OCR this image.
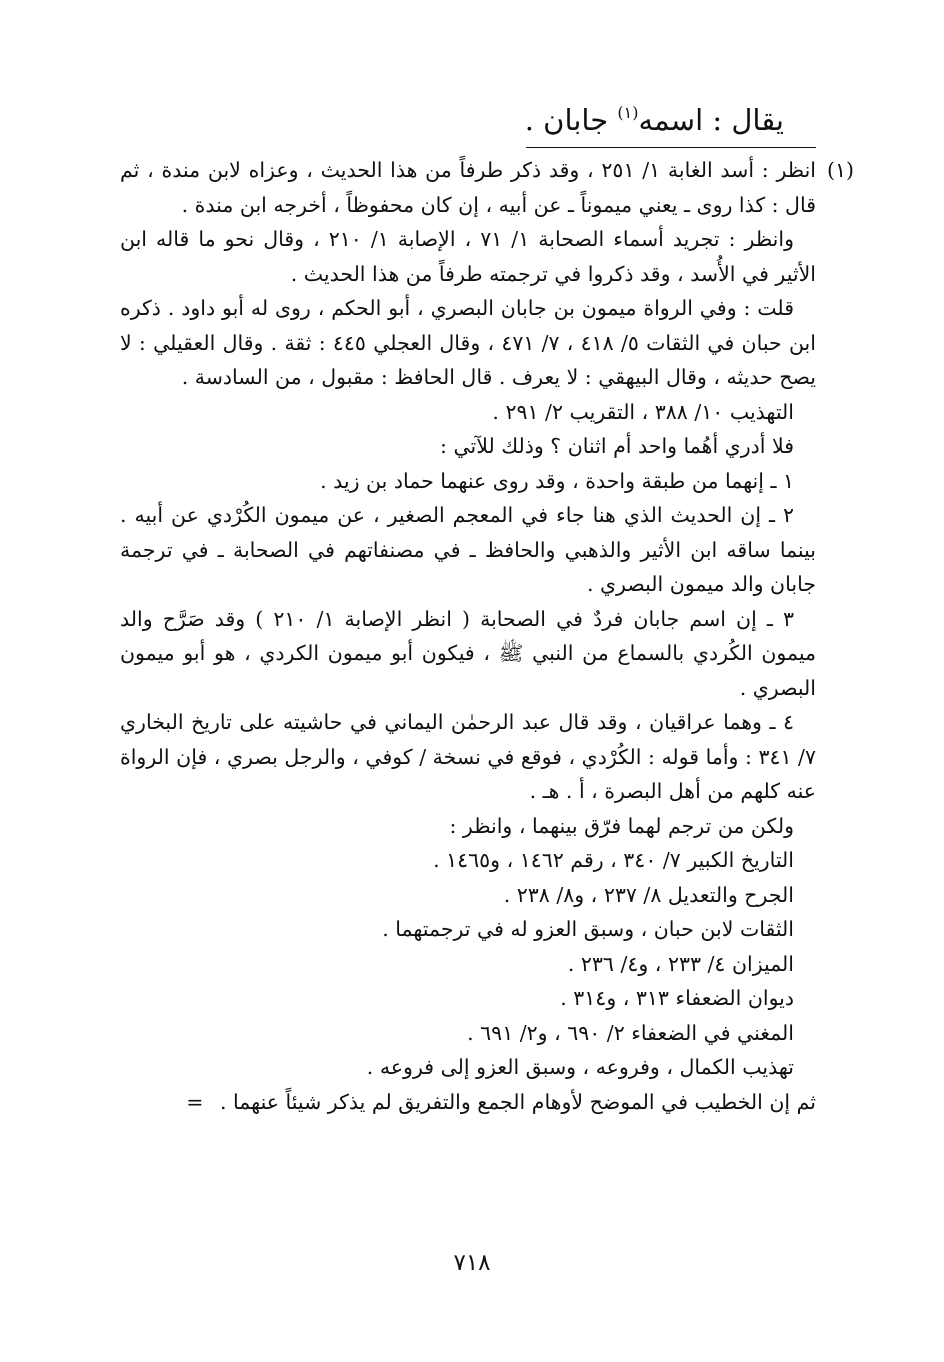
يقال : اسمه$^{(١)}$ جابان .
(١)

انظر : أسد الغابة ١/ ٢٥١ ، وقد ذكر طرفاً من هذا الحديث ، وعزاه لابن مندة ، ثم قال : كذا روى ـ يعني ميموناً ـ عن أبيه ، إن كان محفوظاً ، أخرجه ابن مندة .

وانظر : تجريد أسماء الصحابة ١/ ٧١ ، الإصابة ١/ ٢١٠ ، وقال نحو ما قاله ابن الأثير في الأُسد ، وقد ذكروا في ترجمته طرفاً من هذا الحديث .

قلت : وفي الرواة ميمون بن جابان البصري ، أبو الحكم ، روى له أبو داود . ذكره ابن حبان في الثقات ٥/ ٤١٨ ، ٧/ ٤٧١ ، وقال العجلي ٤٤٥ : ثقة . وقال العقيلي : لا يصح حديثه ، وقال البيهقي : لا يعرف . قال الحافظ : مقبول ، من السادسة .

التهذيب ١٠/ ٣٨٨ ، التقريب ٢/ ٢٩١ .

فلا أدري أهُما واحد أم اثنان ؟ وذلك للآتي :

١ ـ إنهما من طبقة واحدة ، وقد روى عنهما حماد بن زيد .

٢ ـ إن الحديث الذي هنا جاء في المعجم الصغير ، عن ميمون الكُرْدي عن أبيه . بينما ساقه ابن الأثير والذهبي والحافظ ـ في مصنفاتهم في الصحابة ـ في ترجمة جابان والد ميمون البصري .

٣ ـ إن اسم جابان فردٌ في الصحابة ( انظر الإصابة ١/ ٢١٠ ) وقد صَرَّح والد ميمون الكُردي بالسماع من النبي ﷺ ، فيكون أبو ميمون الكردي ، هو أبو ميمون البصري .

٤ ـ وهما عراقيان ، وقد قال عبد الرحمٰن اليماني في حاشيته على تاريخ البخاري ٧/ ٣٤١ : وأما قوله : الكُرْدي ، فوقع في نسخة / كوفي ، والرجل بصري ، فإن الرواة عنه كلهم من أهل البصرة ، أ . هـ .

ولكن من ترجم لهما فرّق بينهما ، وانظر :

التاريخ الكبير ٧/ ٣٤٠ ، رقم ١٤٦٢ ، و١٤٦٥ .

الجرح والتعديل ٨/ ٢٣٧ ، و٨/ ٢٣٨ .

الثقات لابن حبان ، وسبق العزو له في ترجمتهما .

الميزان ٤/ ٢٣٣ ، و٤/ ٢٣٦ .

ديوان الضعفاء ٣١٣ ، و٣١٤ .

المغني في الضعفاء ٢/ ٦٩٠ ، و٢/ ٦٩١ .

تهذيب الكمال ، وفروعه ، وسبق العزو إلى فروعه .

ثم إن الخطيب في الموضح لأوهام الجمع والتفريق لم يذكر شيئاً عنهما . =

٧١٨
